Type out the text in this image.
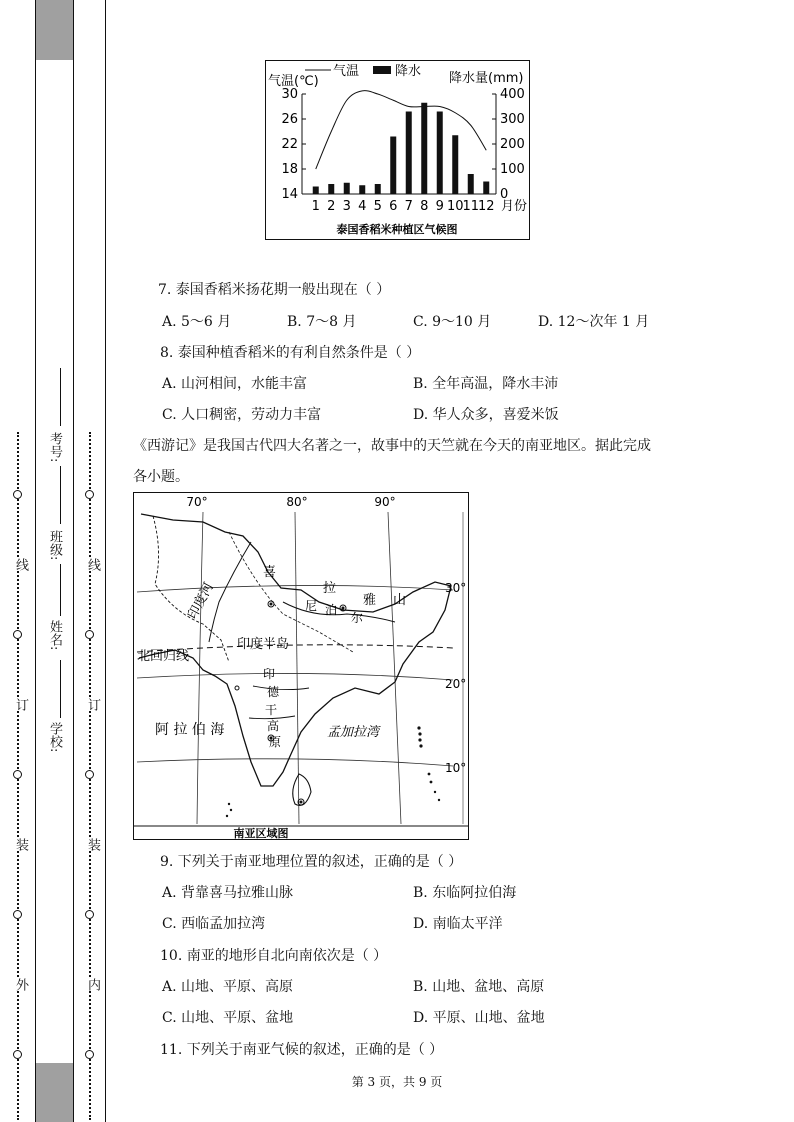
外
装
订
线
内
装
订
线
学校:
姓名:
班级:
考号:
气温	降水
气温(℃)	降水量(mm)
14
18
22
26
30
0
100
200
300
400
1 2 3 4 5 6 7 8 9 10
11
12 月份
泰国香稻米种植区气候图
7. 泰国香稻米扬花期一般出现在（ ）
A. 5～6 月	B. 7～8 月	C. 9～10 月	D. 12～次年 1 月
8. 泰国种植香稻米的有利自然条件是（ ）
A. 山河相间，水能丰富	B. 全年高温，降水丰沛
C. 人口稠密，劳动力丰富	D. 华人众多，喜爱米饭
《西游记》是我国古代四大名著之一，故事中的天竺就在今天的南亚地区。据此完成
各小题。
70°	80°	90°
30°
20°
10°
喜
拉
雅 山
尼 泊
尔
印度河
印度半岛
北回归线
印
德
干
高
原
阿 拉 伯 海	孟加拉湾
南亚区域图
9. 下列关于南亚地理位置的叙述，正确的是（ ）
A. 背靠喜马拉雅山脉	B. 东临阿拉伯海
C. 西临孟加拉湾	D. 南临太平洋
10. 南亚的地形自北向南依次是（ ）
A. 山地、平原、高原	B. 山地、盆地、高原
C. 山地、平原、盆地	D. 平原、山地、盆地
11. 下列关于南亚气候的叙述，正确的是（ ）
第 3 页，共 9 页
